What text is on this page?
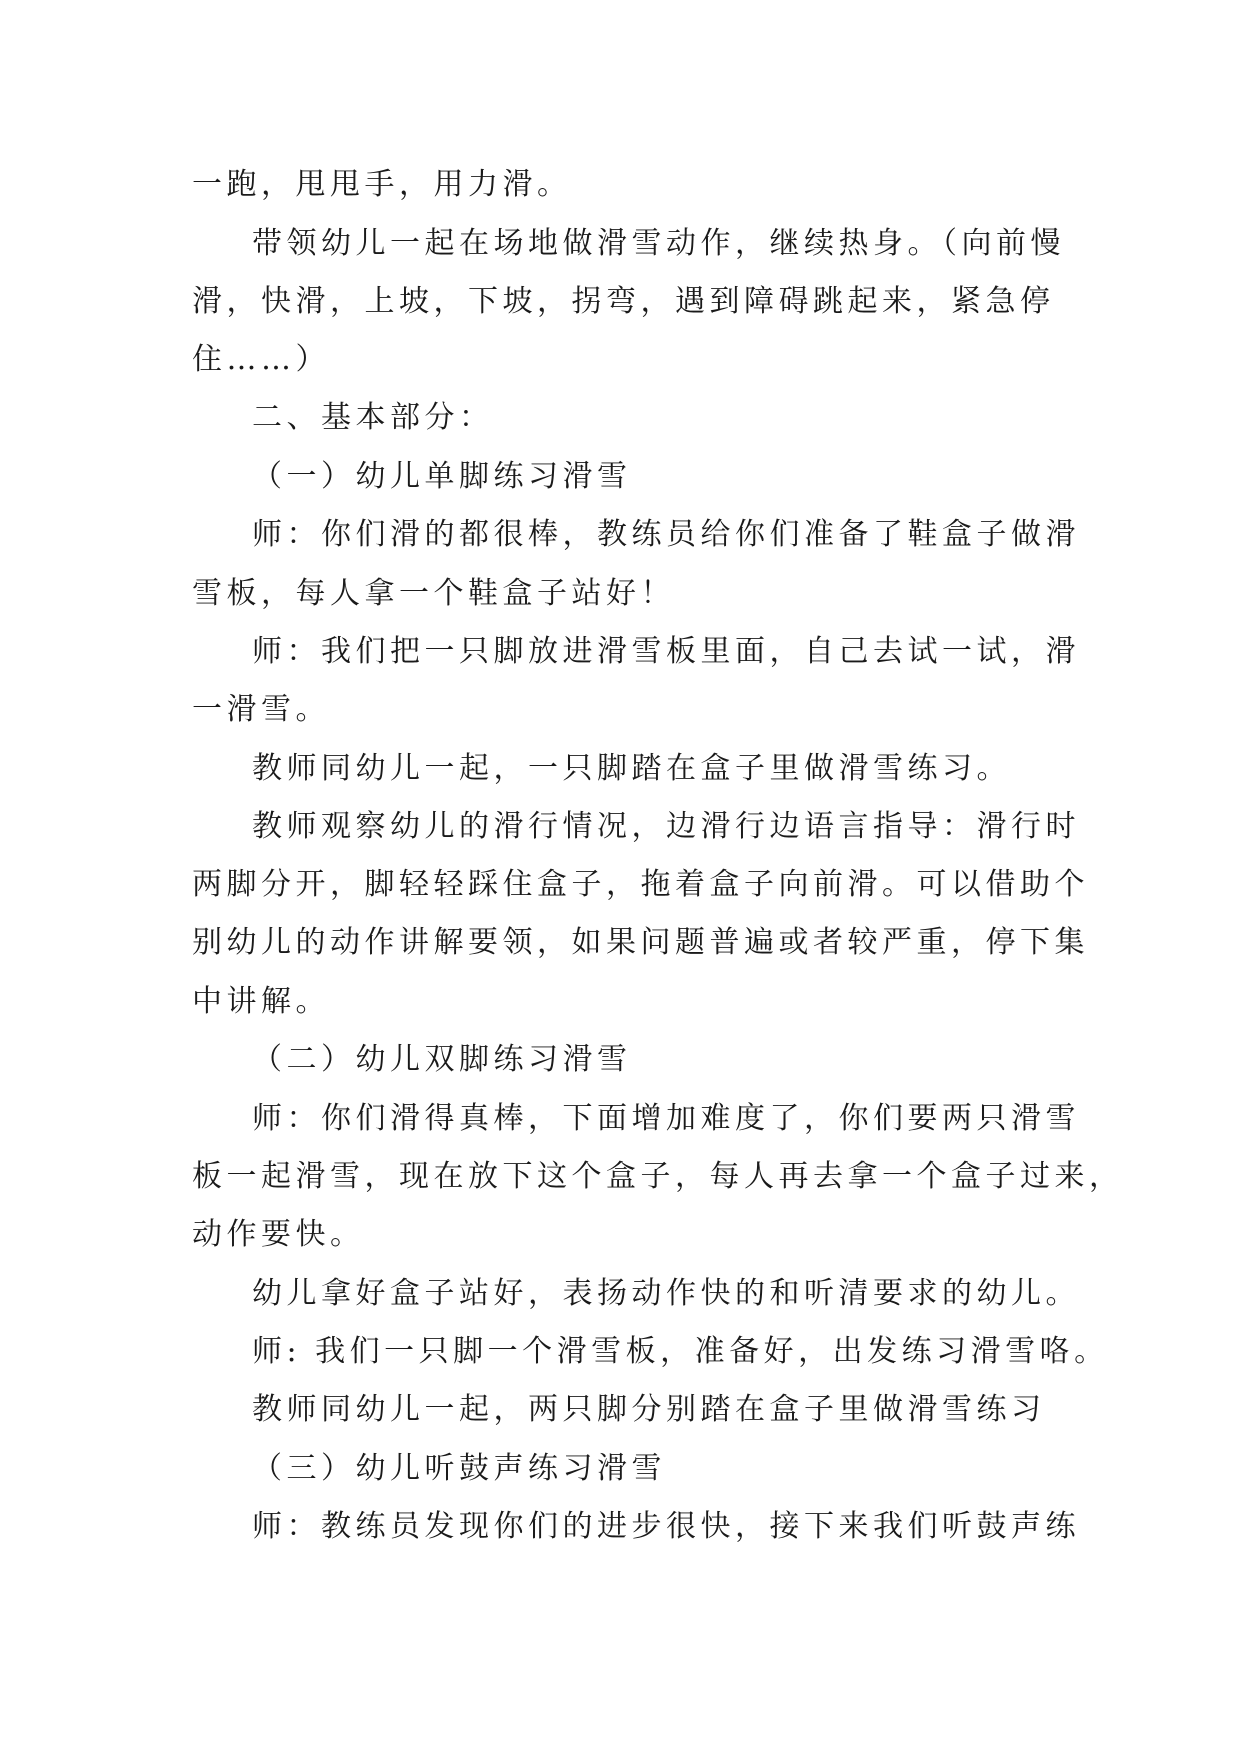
一跑，甩甩手，用力滑。
带领幼儿一起在场地做滑雪动作，继续热身。（向前慢
滑，快滑，上坡，下坡，拐弯，遇到障碍跳起来，紧急停
住……）
二、基本部分：
（一）幼儿单脚练习滑雪
师：你们滑的都很棒，教练员给你们准备了鞋盒子做滑
雪板，每人拿一个鞋盒子站好！
师：我们把一只脚放进滑雪板里面，自己去试一试，滑
一滑雪。
教师同幼儿一起，一只脚踏在盒子里做滑雪练习。
教师观察幼儿的滑行情况，边滑行边语言指导：滑行时
两脚分开，脚轻轻踩住盒子，拖着盒子向前滑。可以借助个
别幼儿的动作讲解要领，如果问题普遍或者较严重，停下集
中讲解。
（二）幼儿双脚练习滑雪
师：你们滑得真棒，下面增加难度了，你们要两只滑雪
板一起滑雪，现在放下这个盒子，每人再去拿一个盒子过来，
动作要快。
幼儿拿好盒子站好，表扬动作快的和听清要求的幼儿。
师: 我们一只脚一个滑雪板，准备好，出发练习滑雪咯。
教师同幼儿一起，两只脚分别踏在盒子里做滑雪练习
（三）幼儿听鼓声练习滑雪
师：教练员发现你们的进步很快，接下来我们听鼓声练
